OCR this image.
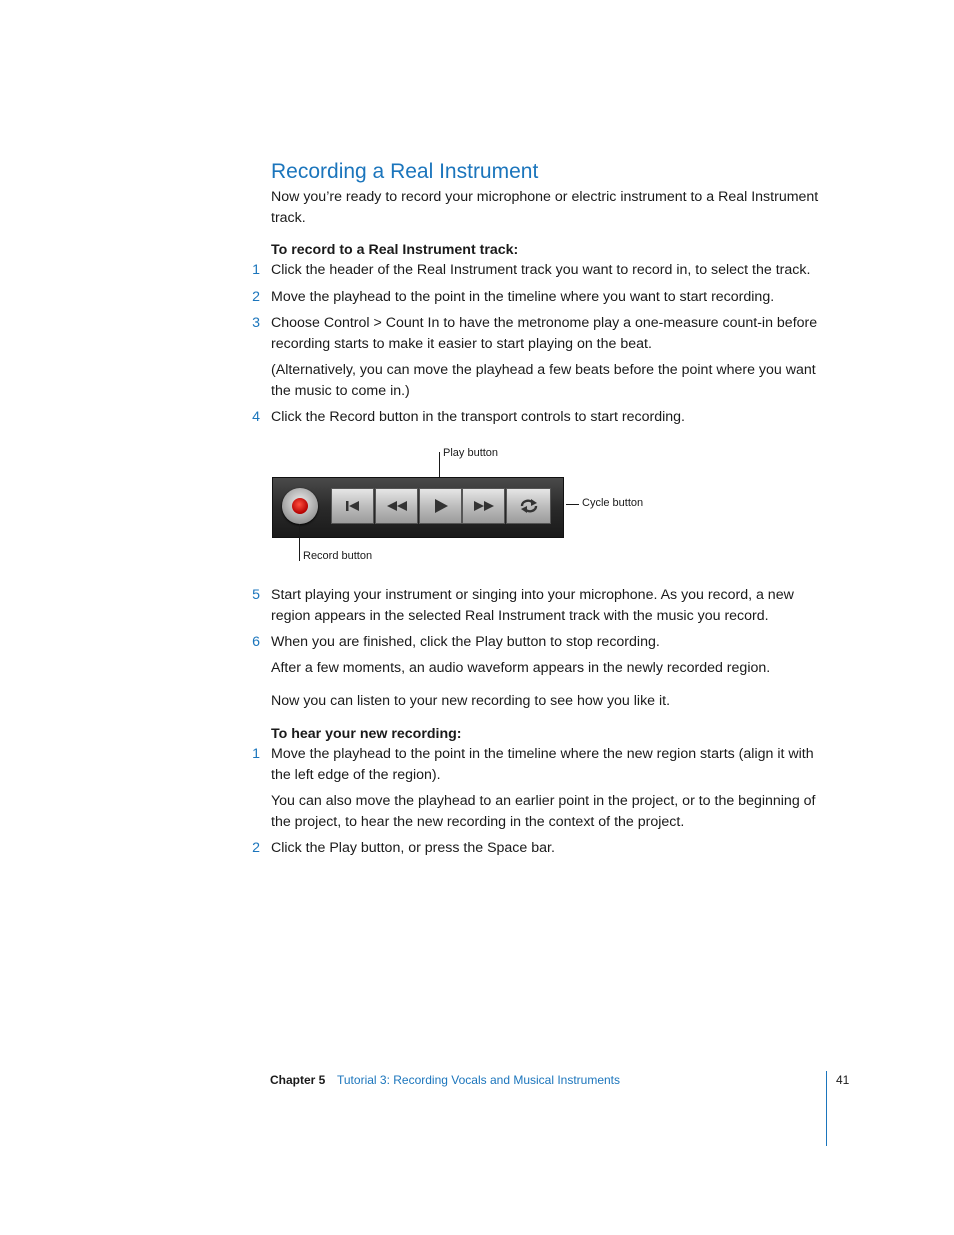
Recording a Real Instrument
Now you’re ready to record your microphone or electric instrument to a Real Instrument track.
To record to a Real Instrument track:
1 Click the header of the Real Instrument track you want to record in, to select the track.
2 Move the playhead to the point in the timeline where you want to start recording.
3 Choose Control > Count In to have the metronome play a one-measure count-in before recording starts to make it easier to start playing on the beat.
(Alternatively, you can move the playhead a few beats before the point where you want the music to come in.)
4 Click the Record button in the transport controls to start recording.
Play button
Cycle button
Record button
5 Start playing your instrument or singing into your microphone. As you record, a new region appears in the selected Real Instrument track with the music you record.
6 When you are finished, click the Play button to stop recording.
After a few moments, an audio waveform appears in the newly recorded region.
Now you can listen to your new recording to see how you like it.
To hear your new recording:
1 Move the playhead to the point in the timeline where the new region starts (align it with the left edge of the region).
You can also move the playhead to an earlier point in the project, or to the beginning of the project, to hear the new recording in the context of the project.
2 Click the Play button, or press the Space bar.
Chapter 5 Tutorial 3: Recording Vocals and Musical Instruments	41
